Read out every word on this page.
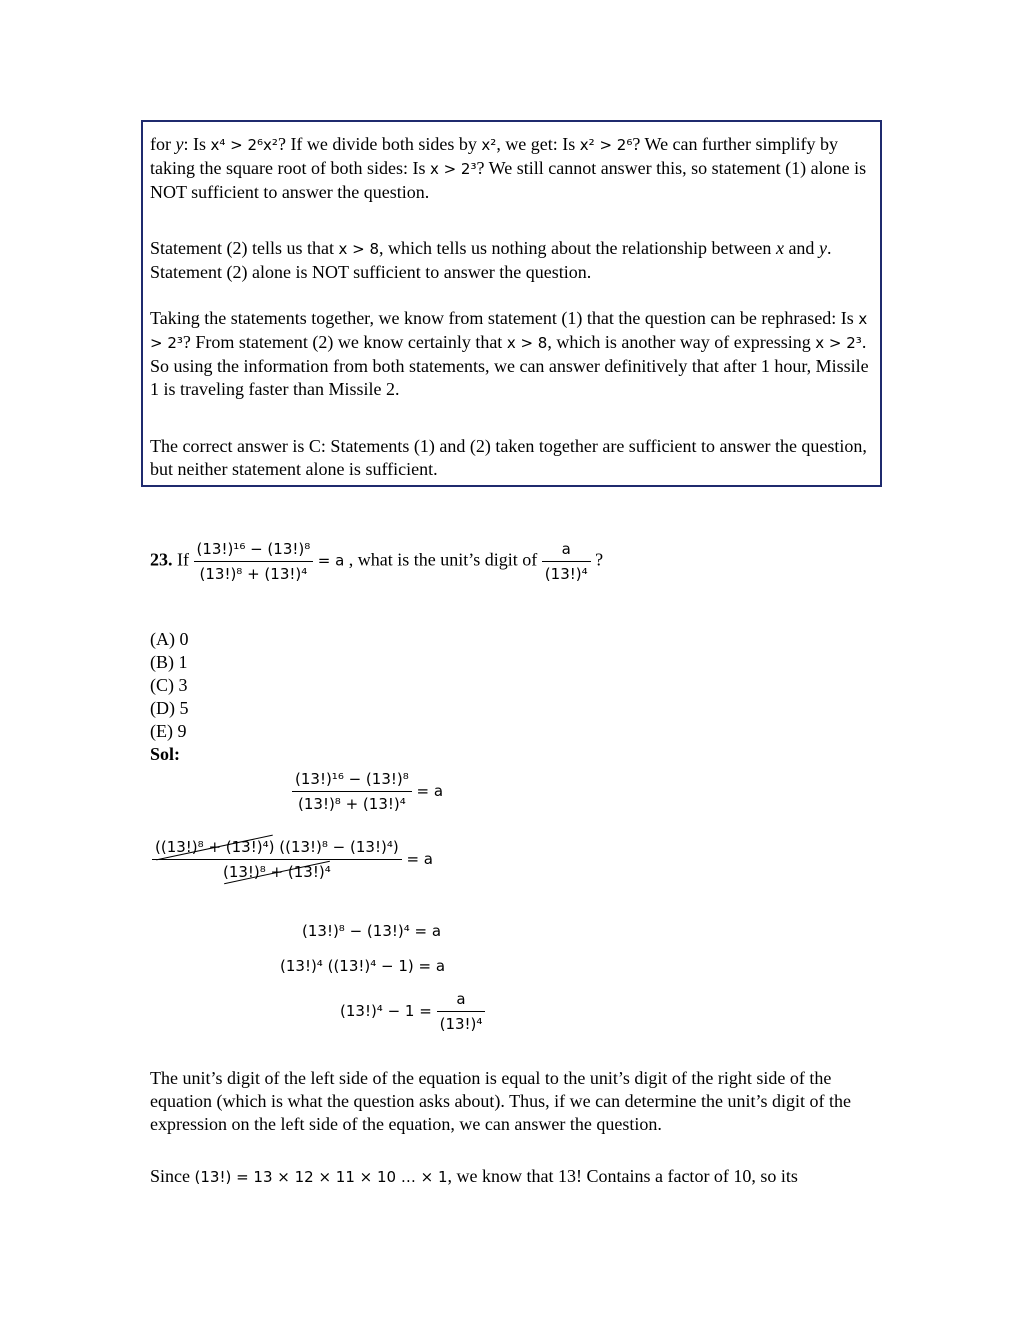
for y: Is x⁴ > 2⁶x²? If we divide both sides by x², we get: Is x² > 2⁶? We can further simplify by taking the square root of both sides: Is x > 2³? We still cannot answer this, so statement (1) alone is NOT sufficient to answer the question.

Statement (2) tells us that x > 8, which tells us nothing about the relationship between x and y. Statement (2) alone is NOT sufficient to answer the question.

Taking the statements together, we know from statement (1) that the question can be rephrased: Is x > 2³? From statement (2) we know certainly that x > 8, which is another way of expressing x > 2³. So using the information from both statements, we can answer definitively that after 1 hour, Missile 1 is traveling faster than Missile 2.

The correct answer is C: Statements (1) and (2) taken together are sufficient to answer the question, but neither statement alone is sufficient.

23. If $\frac{\text{(13!)¹⁶ − (13!)⁸}}{\text{(13!)⁸ + (13!)⁴}} = a$ , what is the unit’s digit of $\frac{a}{\text{(13!)⁴}}$ ?
(A) 0
(B) 1
(C) 3
(D) 5
(E) 9
Sol:
$\frac{\text{(13!)¹⁶ − (13!)⁸}}{\text{(13!)⁸ + (13!)⁴}} = a$
$\frac{\text{((13!)⁸ + (13!)⁴) ((13!)⁸ − (13!)⁴)}}{\text{(13!)⁸ + (13!)⁴}} = a$
(13!)⁸ − (13!)⁴ = a
(13!)⁴ ((13!)⁴ − 1) = a
$(13!)^4 - 1 = \frac{a}{\text{(13!)⁴}}$

The unit’s digit of the left side of the equation is equal to the unit’s digit of the right side of the equation (which is what the question asks about). Thus, if we can determine the unit’s digit of the expression on the left side of the equation, we can answer the question.

Since (13!) = 13 × 12 × 11 × 10 … × 1, we know that 13! Contains a factor of 10, so its
